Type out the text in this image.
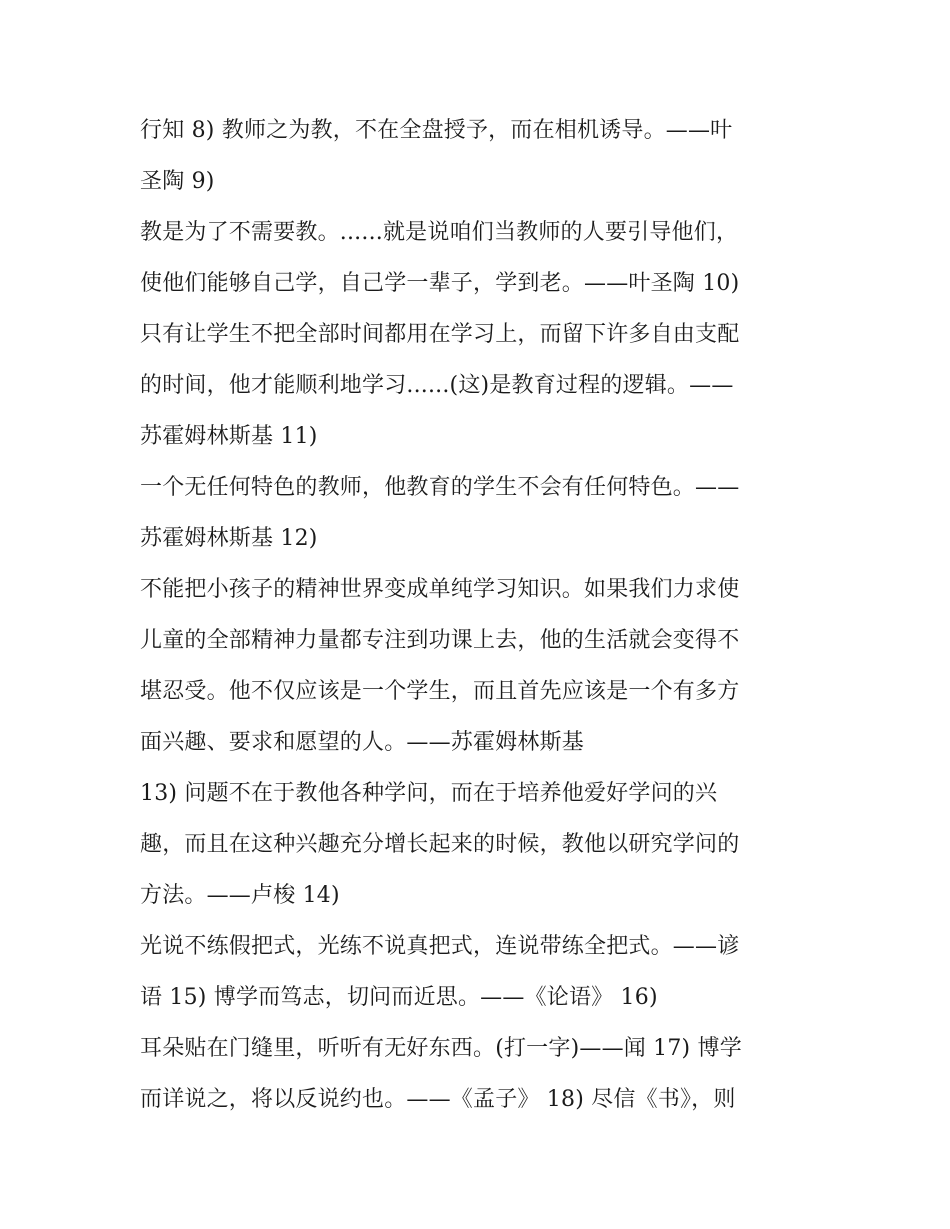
行知 8) 教师之为教，不在全盘授予，而在相机诱导。——叶
圣陶 9)
教是为了不需要教。......就是说咱们当教师的人要引导他们，
使他们能够自己学，自己学一辈子，学到老。——叶圣陶 10)
只有让学生不把全部时间都用在学习上，而留下许多自由支配
的时间，他才能顺利地学习......(这)是教育过程的逻辑。——
苏霍姆林斯基 11)
一个无任何特色的教师，他教育的学生不会有任何特色。——
苏霍姆林斯基 12)
不能把小孩子的精神世界变成单纯学习知识。如果我们力求使
儿童的全部精神力量都专注到功课上去，他的生活就会变得不
堪忍受。他不仅应该是一个学生，而且首先应该是一个有多方
面兴趣、要求和愿望的人。——苏霍姆林斯基
13) 问题不在于教他各种学问，而在于培养他爱好学问的兴
趣，而且在这种兴趣充分增长起来的时候，教他以研究学问的
方法。——卢梭 14)
光说不练假把式，光练不说真把式，连说带练全把式。——谚
语 15) 博学而笃志，切问而近思。——《论语》 16)
耳朵贴在门缝里，听听有无好东西。(打一字)——闻 17) 博学
而详说之，将以反说约也。——《孟子》 18) 尽信《书》，则
